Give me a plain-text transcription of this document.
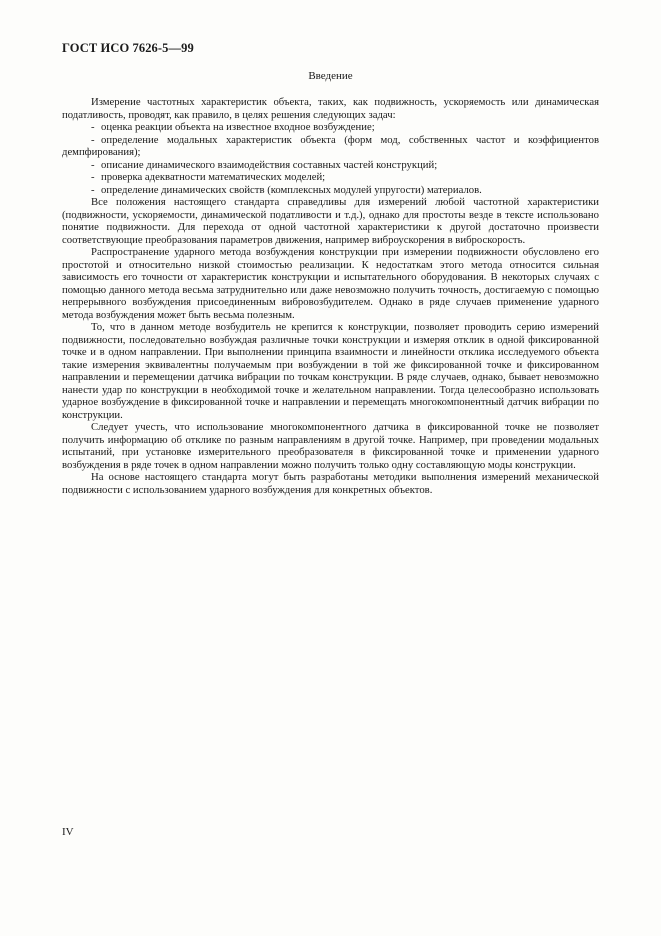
ГОСТ ИСО 7626-5—99
Введение

Измерение частотных характеристик объекта, таких, как подвижность, ускоряемость или динамическая податливость, проводят, как правило, в целях решения следующих задач:

- оценка реакции объекта на известное входное возбуждение;
- определение модальных характеристик объекта (форм мод, собственных частот и коэффициентов демпфирования);
- описание динамического взаимодействия составных частей конструкций;
- проверка адекватности математических моделей;
- определение динамических свойств (комплексных модулей упругости) материалов.

Все положения настоящего стандарта справедливы для измерений любой частотной характеристики (подвижности, ускоряемости, динамической податливости и т.д.), однако для простоты везде в тексте использовано понятие подвижности. Для перехода от одной частотной характеристики к другой достаточно произвести соответствующие преобразования параметров движения, например виброускорения в виброскорость.

Распространение ударного метода возбуждения конструкции при измерении подвижности обусловлено его простотой и относительно низкой стоимостью реализации. К недостаткам этого метода относится сильная зависимость его точности от характеристик конструкции и испытательного оборудования. В некоторых случаях с помощью данного метода весьма затруднительно или даже невозможно получить точность, достигаемую с помощью непрерывного возбуждения присоединенным вибровозбудителем. Однако в ряде случаев применение ударного метода возбуждения может быть весьма полезным.

То, что в данном методе возбудитель не крепится к конструкции, позволяет проводить серию измерений подвижности, последовательно возбуждая различные точки конструкции и измеряя отклик в одной фиксированной точке и в одном направлении. При выполнении принципа взаимности и линейности отклика исследуемого объекта такие измерения эквивалентны получаемым при возбуждении в той же фиксированной точке и фиксированном направлении и перемещении датчика вибрации по точкам конструкции. В ряде случаев, однако, бывает невозможно нанести удар по конструкции в необходимой точке и желательном направлении. Тогда целесообразно использовать ударное возбуждение в фиксированной точке и направлении и перемещать многокомпонентный датчик вибрации по конструкции.

Следует учесть, что использование многокомпонентного датчика в фиксированной точке не позволяет получить информацию об отклике по разным направлениям в другой точке. Например, при проведении модальных испытаний, при установке измерительного преобразователя в фиксированной точке и применении ударного возбуждения в ряде точек в одном направлении можно получить только одну составляющую моды конструкции.

На основе настоящего стандарта могут быть разработаны методики выполнения измерений механической подвижности с использованием ударного возбуждения для конкретных объектов.

IV
